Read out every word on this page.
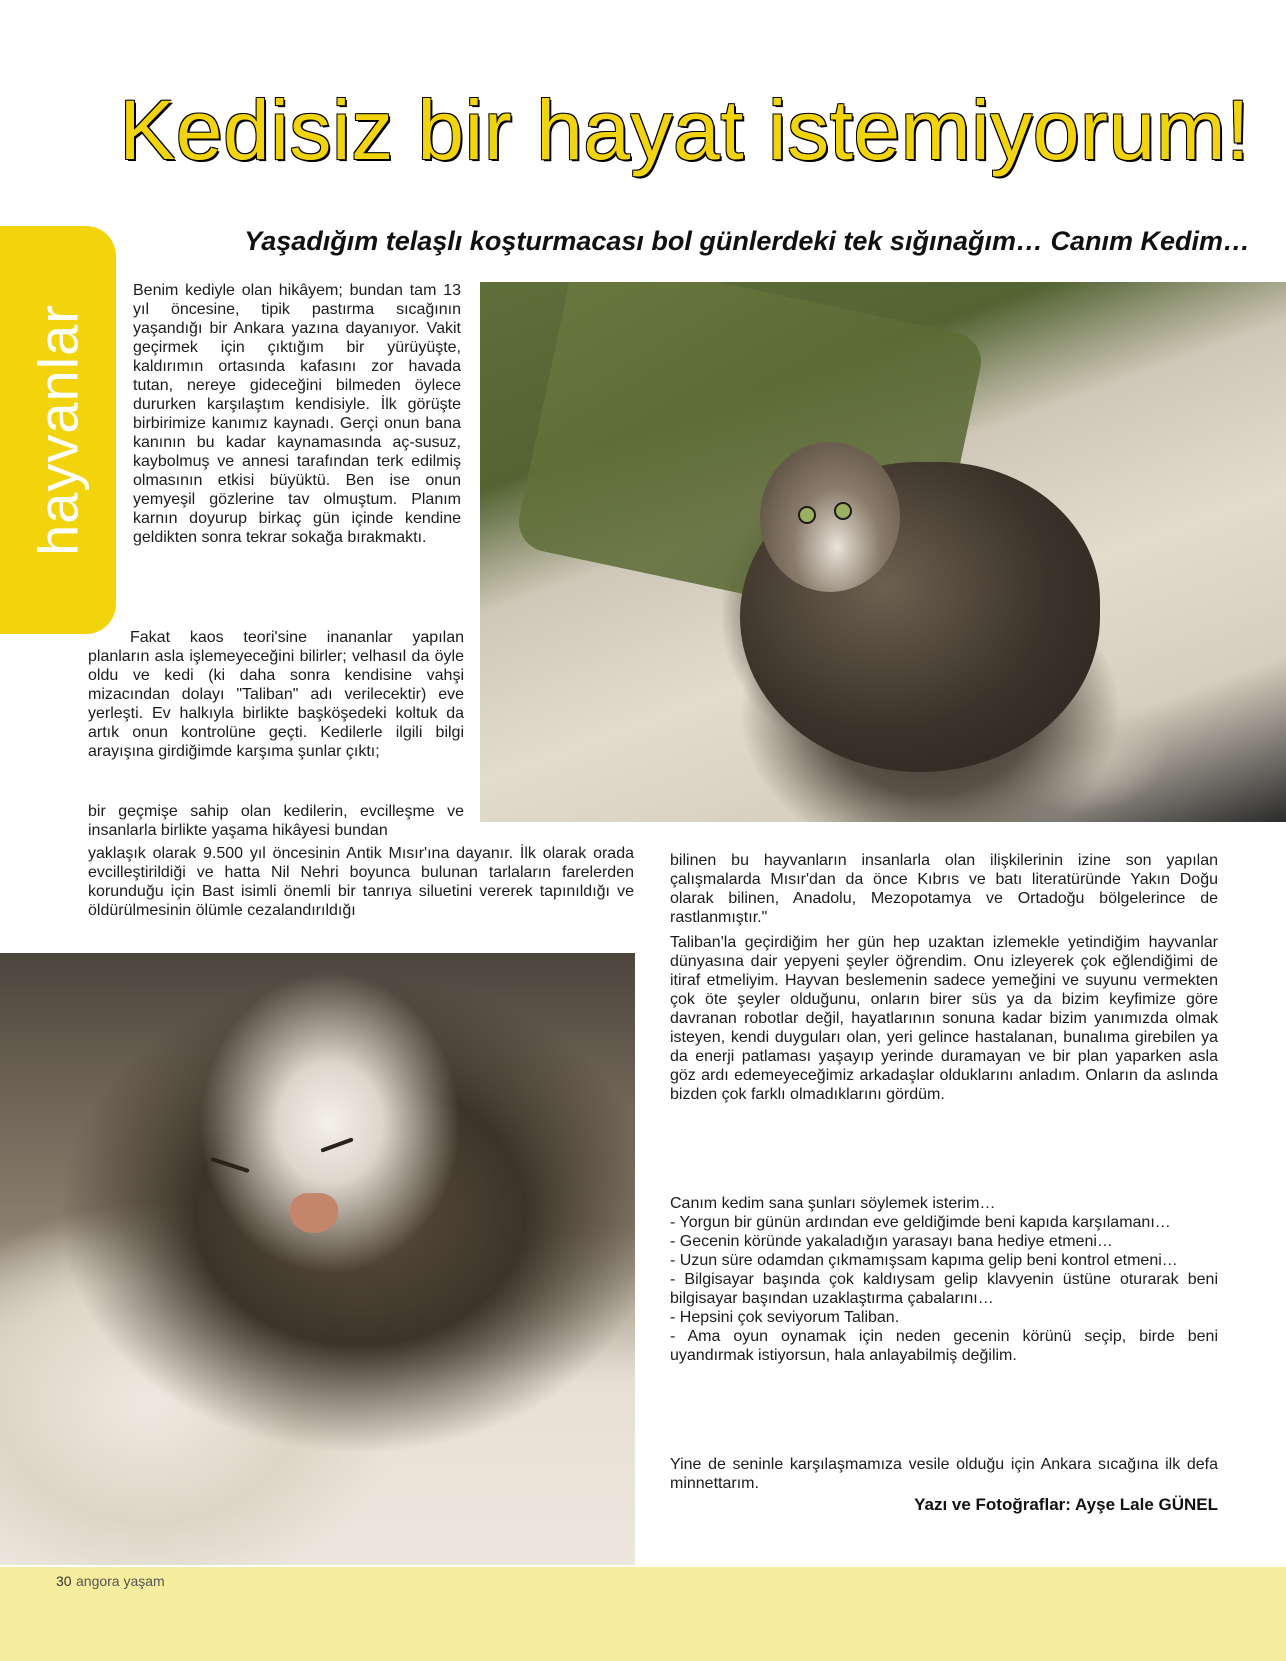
Kedisiz bir hayat istemiyorum!
Yaşadığım telaşlı koşturmacası bol günlerdeki tek sığınağım… Canım Kedim…
hayvanlar

Benim kediyle olan hikâyem; bundan tam 13 yıl öncesine, tipik pastırma sıcağının yaşandığı bir Ankara yazına dayanıyor. Vakit geçirmek için çıktığım bir yürüyüşte, kaldırımın ortasında kafasını zor havada tutan, nereye gideceğini bilmeden öylece dururken karşılaştım kendisiyle. İlk görüşte birbirimize kanımız kaynadı. Gerçi onun bana kanının bu kadar kaynamasında aç-susuz, kaybolmuş ve annesi tarafından terk edilmiş olmasının etkisi büyüktü. Ben ise onun yemyeşil gözlerine tav olmuştum. Planım karnın doyurup birkaç gün içinde kendine geldikten sonra tekrar sokağa bırakmaktı.

Fakat kaos teori'sine inananlar yapılan planların asla işlemeyeceğini bilirler; velhasıl da öyle oldu ve kedi (ki daha sonra kendisine vahşi mizacından dolayı "Taliban" adı verilecektir) eve yerleşti. Ev halkıyla birlikte başköşedeki koltuk da artık onun kontrolüne geçti. Kedilerle ilgili bilgi arayışına girdiğimde karşıma şunlar çıktı;

bir geçmişe sahip olan kedilerin, evcilleşme ve insanlarla birlikte yaşama hikâyesi bundan

yaklaşık olarak 9.500 yıl öncesinin Antik Mısır'ına dayanır. İlk olarak orada evcilleştirildiği ve hatta Nil Nehri boyunca bulunan tarlaların farelerden korunduğu için Bast isimli önemli bir tanrıya siluetini vererek tapınıldığı ve öldürülmesinin ölümle cezalandırıldığı

bilinen bu hayvanların insanlarla olan ilişkilerinin izine son yapılan çalışmalarda Mısır'dan da önce Kıbrıs ve batı literatüründe Yakın Doğu olarak bilinen, Anadolu, Mezopotamya ve Ortadoğu bölgelerince de rastlanmıştır."

Taliban'la geçirdiğim her gün hep uzaktan izlemekle yetindiğim hayvanlar dünyasına dair yepyeni şeyler öğrendim. Onu izleyerek çok eğlendiğimi de itiraf etmeliyim. Hayvan beslemenin sadece yemeğini ve suyunu vermekten çok öte şeyler olduğunu, onların birer süs ya da bizim keyfimize göre davranan robotlar değil, hayatlarının sonuna kadar bizim yanımızda olmak isteyen, kendi duyguları olan, yeri gelince hastalanan, bunalıma girebilen ya da enerji patlaması yaşayıp yerinde duramayan ve bir plan yaparken asla göz ardı edemeyeceğimiz arkadaşlar olduklarını anladım. Onların da aslında bizden çok farklı olmadıklarını gördüm.

Canım kedim sana şunları söylemek isterim…
- Yorgun bir günün ardından eve geldiğimde beni kapıda karşılamanı…
- Gecenin köründe yakaladığın yarasayı bana hediye etmeni…
- Uzun süre odamdan çıkmamışsam kapıma gelip beni kontrol etmeni…
- Bilgisayar başında çok kaldıysam gelip klavyenin üstüne oturarak beni bilgisayar başından uzaklaştırma çabalarını…
- Hepsini çok seviyorum Taliban.
- Ama oyun oynamak için neden gecenin körünü seçip, birde beni uyandırmak istiyorsun, hala anlayabilmiş değilim.

Yine de seninle karşılaşmamıza vesile olduğu için Ankara sıcağına ilk defa minnettarım.

Yazı ve Fotoğraflar: Ayşe Lale GÜNEL

30 angora yaşam
